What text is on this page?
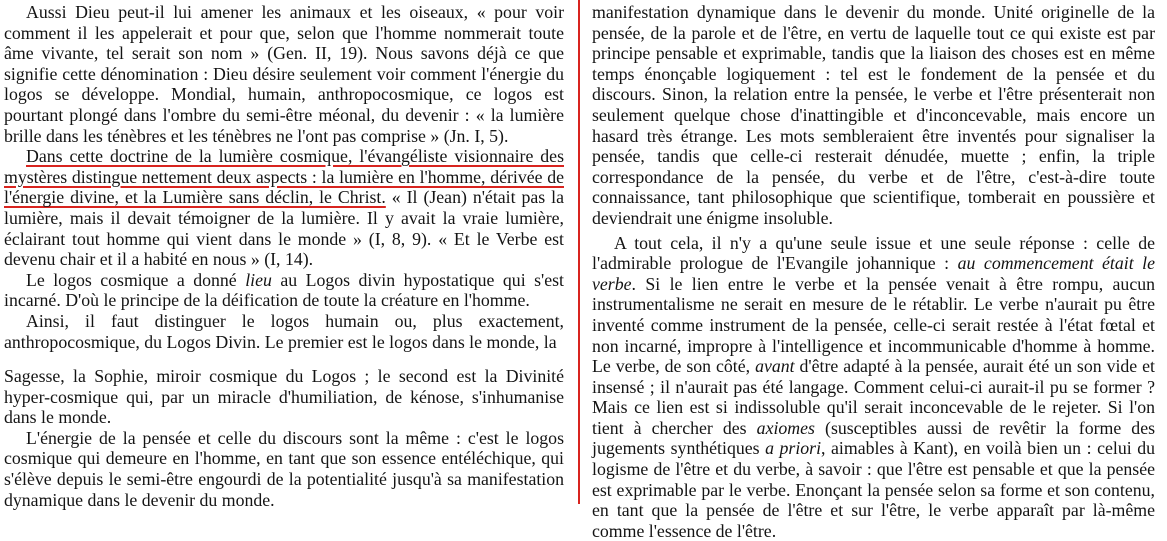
Aussi Dieu peut-il lui amener les animaux et les oiseaux, « pour voir comment il les appelerait et pour que, selon que l'homme nommerait toute âme vivante, tel serait son nom » (Gen. II, 19). Nous savons déjà ce que signifie cette dénomination : Dieu désire seulement voir comment l'énergie du logos se développe. Mondial, humain, anthropocosmique, ce logos est pourtant plongé dans l'ombre du semi-être méonal, du devenir : « la lumière brille dans les ténèbres et les ténèbres ne l'ont pas comprise » (Jn. I, 5).

Dans cette doctrine de la lumière cosmique, l'évangéliste visionnaire des mystères distingue nettement deux aspects : la lumière en l'homme, dérivée de l'énergie divine, et la Lumière sans déclin, le Christ. « Il (Jean) n'était pas la lumière, mais il devait témoigner de la lumière. Il y avait la vraie lumière, éclairant tout homme qui vient dans le monde » (I, 8, 9). « Et le Verbe est devenu chair et il a habité en nous » (I, 14).

Le logos cosmique a donné lieu au Logos divin hypostatique qui s'est incarné. D'où le principe de la déification de toute la créature en l'homme.

Ainsi, il faut distinguer le logos humain ou, plus exactement, anthropocosmique, du Logos Divin. Le premier est le logos dans le monde, la

Sagesse, la Sophie, miroir cosmique du Logos ; le second est la Divinité hyper-cosmique qui, par un miracle d'humiliation, de kénose, s'inhumanise dans le monde.

L'énergie de la pensée et celle du discours sont la même : c'est le logos cosmique qui demeure en l'homme, en tant que son essence entéléchique, qui s'élève depuis le semi-être engourdi de la potentialité jusqu'à sa manifestation dynamique dans le devenir du monde.

manifestation dynamique dans le devenir du monde. Unité originelle de la pensée, de la parole et de l'être, en vertu de laquelle tout ce qui existe est par principe pensable et exprimable, tandis que la liaison des choses est en même temps énonçable logiquement : tel est le fondement de la pensée et du discours. Sinon, la relation entre la pensée, le verbe et l'être présenterait non seulement quelque chose d'inattingible et d'inconcevable, mais encore un hasard très étrange. Les mots sembleraient être inventés pour signaliser la pensée, tandis que celle-ci resterait dénudée, muette ; enfin, la triple correspondance de la pensée, du verbe et de l'être, c'est-à-dire toute connaissance, tant philosophique que scientifique, tomberait en poussière et deviendrait une énigme insoluble.

A tout cela, il n'y a qu'une seule issue et une seule réponse : celle de l'admirable prologue de l'Evangile johannique : au commencement était le verbe. Si le lien entre le verbe et la pensée venait à être rompu, aucun instrumentalisme ne serait en mesure de le rétablir. Le verbe n'aurait pu être inventé comme instrument de la pensée, celle-ci serait restée à l'état fœtal et non incarné, impropre à l'intelligence et incommunicable d'homme à homme. Le verbe, de son côté, avant d'être adapté à la pensée, aurait été un son vide et insensé ; il n'aurait pas été langage. Comment celui-ci aurait-il pu se former ? Mais ce lien est si indissoluble qu'il serait inconcevable de le rejeter. Si l'on tient à chercher des axiomes (susceptibles aussi de revêtir la forme des jugements synthétiques a priori, aimables à Kant), en voilà bien un : celui du logisme de l'être et du verbe, à savoir : que l'être est pensable et que la pensée est exprimable par le verbe. Enonçant la pensée selon sa forme et son contenu, en tant que la pensée de l'être et sur l'être, le verbe apparaît par là-même comme l'essence de l'être.
